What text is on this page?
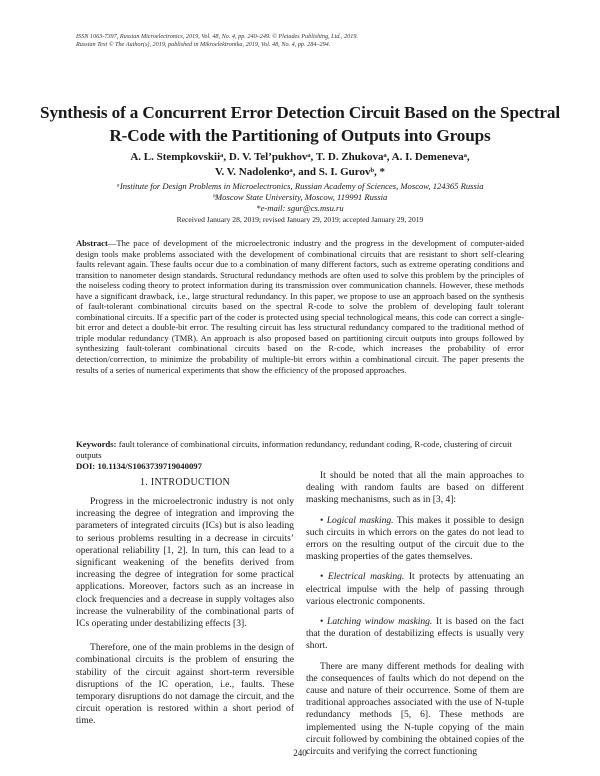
ISSN 1063-7397, Russian Microelectronics, 2019, Vol. 48, No. 4, pp. 240–249. © Pleiades Publishing, Ltd., 2019.
Russian Text © The Author(s), 2019, published in Mikroelektronika, 2019, Vol. 48, No. 4, pp. 284–294.
Synthesis of a Concurrent Error Detection Circuit Based on the Spectral R-Code with the Partitioning of Outputs into Groups
A. L. Stempkovskiiᵃ, D. V. Tel’pukhovᵃ, T. D. Zhukovaᵃ, A. I. Demenevaᵃ,
V. V. Nadolenkoᵃ, and S. I. Gurovᵇ, *
ᵃInstitute for Design Problems in Microelectronics, Russian Academy of Sciences, Moscow, 124365 Russia
ᵇMoscow State University, Moscow, 119991 Russia
*e-mail: sgur@cs.msu.ru
Received January 28, 2019; revised January 29, 2019; accepted January 29, 2019
Abstract—The pace of development of the microelectronic industry and the progress in the development of computer-aided design tools make problems associated with the development of combinational circuits that are resistant to short self-clearing faults relevant again. These faults occur due to a combination of many different factors, such as extreme operating conditions and transition to nanometer design standards. Structural redundancy methods are often used to solve this problem by the principles of the noiseless coding theory to protect information during its transmission over communication channels. However, these methods have a significant drawback, i.e., large structural redundancy. In this paper, we propose to use an approach based on the synthesis of fault-tolerant combinational circuits based on the spectral R-code to solve the problem of developing fault tolerant combinational circuits. If a specific part of the coder is protected using special technological means, this code can correct a single-bit error and detect a double-bit error. The resulting circuit has less structural redundancy compared to the traditional method of triple modular redundancy (TMR). An approach is also proposed based on partitioning circuit outputs into groups followed by synthesizing fault-tolerant combinational circuits based on the R-code, which increases the probability of error detection/correction, to minimize the probability of multiple-bit errors within a combinational circuit. The paper presents the results of a series of numerical experiments that show the efficiency of the proposed approaches.
Keywords: fault tolerance of combinational circuits, information redundancy, redundant coding, R-code, clustering of circuit outputs
DOI: 10.1134/S1063739719040097
1. INTRODUCTION

Progress in the microelectronic industry is not only increasing the degree of integration and improving the parameters of integrated circuits (ICs) but is also leading to serious problems resulting in a decrease in circuits’ operational reliability [1, 2]. In turn, this can lead to a significant weakening of the benefits derived from increasing the degree of integration for some practical applications. Moreover, factors such as an increase in clock frequencies and a decrease in supply voltages also increase the vulnerability of the combinational parts of ICs operating under destabilizing effects [3].

Therefore, one of the main problems in the design of combinational circuits is the problem of ensuring the stability of the circuit against short-term reversible disruptions of the IC operation, i.e., faults. These temporary disruptions do not damage the circuit, and the circuit operation is restored within a short period of time.

It should be noted that all the main approaches to dealing with random faults are based on different masking mechanisms, such as in [3, 4]:

• Logical masking. This makes it possible to design such circuits in which errors on the gates do not lead to errors on the resulting output of the circuit due to the masking properties of the gates themselves.

• Electrical masking. It protects by attenuating an electrical impulse with the help of passing through various electronic components.

• Latching window masking. It is based on the fact that the duration of destabilizing effects is usually very short.

There are many different methods for dealing with the consequences of faults which do not depend on the cause and nature of their occurrence. Some of them are traditional approaches associated with the use of N-tuple redundancy methods [5, 6]. These methods are implemented using the N-tuple copying of the main circuit followed by combining the obtained copies of the circuits and verifying the correct functioning

240
